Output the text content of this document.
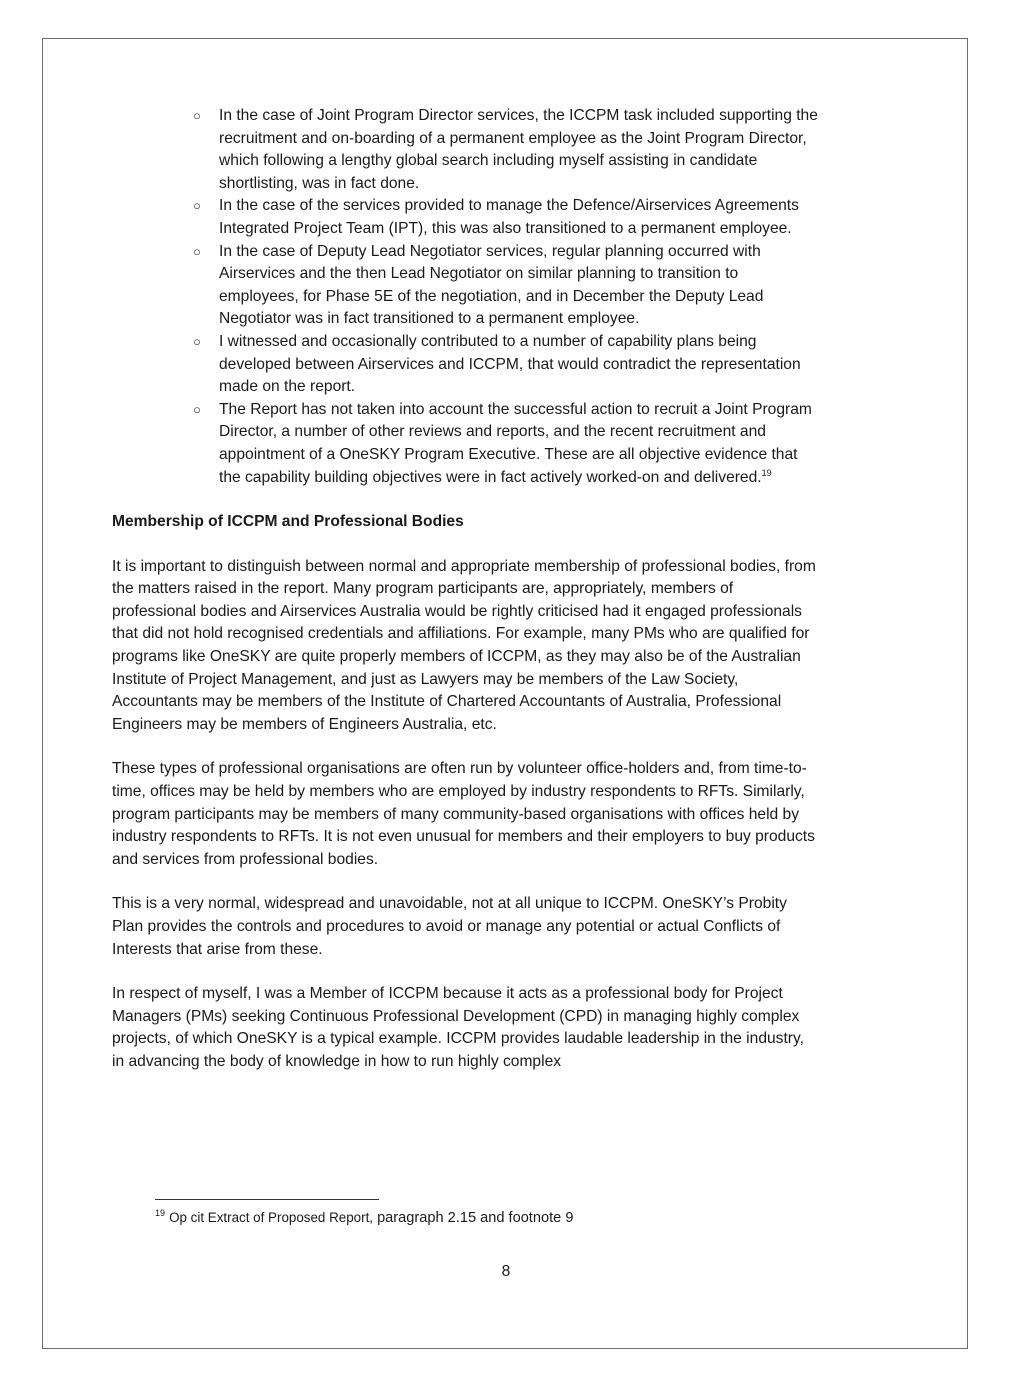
○ In the case of Joint Program Director services, the ICCPM task included supporting the recruitment and on-boarding of a permanent employee as the Joint Program Director, which following a lengthy global search including myself assisting in candidate shortlisting, was in fact done.
○ In the case of the services provided to manage the Defence/Airservices Agreements Integrated Project Team (IPT), this was also transitioned to a permanent employee.
○ In the case of Deputy Lead Negotiator services, regular planning occurred with Airservices and the then Lead Negotiator on similar planning to transition to employees, for Phase 5E of the negotiation, and in December the Deputy Lead Negotiator was in fact transitioned to a permanent employee.
○ I witnessed and occasionally contributed to a number of capability plans being developed between Airservices and ICCPM, that would contradict the representation made on the report.
○ The Report has not taken into account the successful action to recruit a Joint Program Director, a number of other reviews and reports, and the recent recruitment and appointment of a OneSKY Program Executive. These are all objective evidence that the capability building objectives were in fact actively worked-on and delivered.$^{19}$
Membership of ICCPM and Professional Bodies

It is important to distinguish between normal and appropriate membership of professional bodies, from the matters raised in the report. Many program participants are, appropriately, members of professional bodies and Airservices Australia would be rightly criticised had it engaged professionals that did not hold recognised credentials and affiliations. For example, many PMs who are qualified for programs like OneSKY are quite properly members of ICCPM, as they may also be of the Australian Institute of Project Management, and just as Lawyers may be members of the Law Society, Accountants may be members of the Institute of Chartered Accountants of Australia, Professional Engineers may be members of Engineers Australia, etc.

These types of professional organisations are often run by volunteer office-holders and, from time-to-time, offices may be held by members who are employed by industry respondents to RFTs. Similarly, program participants may be members of many community-based organisations with offices held by industry respondents to RFTs. It is not even unusual for members and their employers to buy products and services from professional bodies.

This is a very normal, widespread and unavoidable, not at all unique to ICCPM. OneSKY’s Probity Plan provides the controls and procedures to avoid or manage any potential or actual Conflicts of Interests that arise from these.

In respect of myself, I was a Member of ICCPM because it acts as a professional body for Project Managers (PMs) seeking Continuous Professional Development (CPD) in managing highly complex projects, of which OneSKY is a typical example. ICCPM provides laudable leadership in the industry, in advancing the body of knowledge in how to run highly complex

$^{19}$ Op cit Extract of Proposed Report, paragraph 2.15 and footnote 9
8
